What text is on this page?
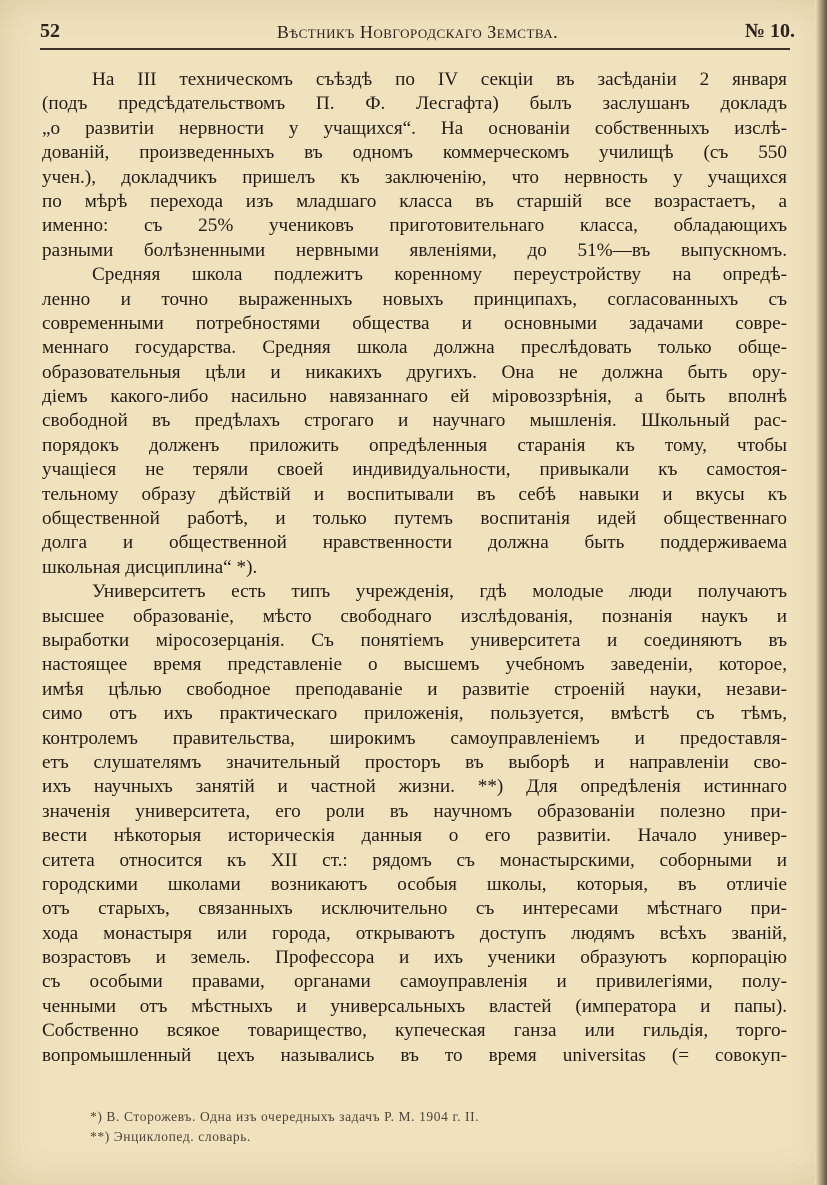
52	Вѣстникъ Новгородскаго Земства.	№ 10.
На III техническомъ съѣздѣ по IV секціи въ засѣданіи 2 января
(подъ предсѣдательствомъ П. Ф. Лесгафта) былъ заслушанъ докладъ
„о развитіи нервности у учащихся“. На основаніи собственныхъ изслѣ-
дованій, произведенныхъ въ одномъ коммерческомъ училищѣ (съ 550
учен.), докладчикъ пришелъ къ заключенію, что нервность у учащихся
по мѣрѣ перехода изъ младшаго класса въ старшій все возрастаетъ, а
именно: съ 25% учениковъ приготовительнаго класса, обладающихъ
разными болѣзненными нервными явленіями, до 51%—въ выпускномъ.
Средняя школа подлежитъ коренному переустройству на опредѣ-
ленно и точно выраженныхъ новыхъ принципахъ, согласованныхъ съ
современными потребностями общества и основными задачами совре-
меннаго государства. Средняя школа должна преслѣдовать только обще-
образовательныя цѣли и никакихъ другихъ. Она не должна быть ору-
діемъ какого-либо насильно навязаннаго ей міровоззрѣнія, а быть вполнѣ
свободной въ предѣлахъ строгаго и научнаго мышленія. Школьный рас-
порядокъ долженъ приложить опредѣленныя старанія къ тому, чтобы
учащіеся не теряли своей индивидуальности, привыкали къ самостоя-
тельному образу дѣйствій и воспитывали въ себѣ навыки и вкусы къ
общественной работѣ, и только путемъ воспитанія идей общественнаго
долга и общественной нравственности должна быть поддерживаема
школьная дисциплина“ *).
Университетъ есть типъ учрежденія, гдѣ молодые люди получаютъ
высшее образованіе, мѣсто свободнаго изслѣдованія, познанія наукъ и
выработки міросозерцанія. Съ понятіемъ университета и соединяютъ въ
настоящее время представленіе о высшемъ учебномъ заведеніи, которое,
имѣя цѣлью свободное преподаваніе и развитіе строеній науки, незави-
симо отъ ихъ практическаго приложенія, пользуется, вмѣстѣ съ тѣмъ,
контролемъ правительства, широкимъ самоуправленіемъ и предоставля-
етъ слушателямъ значительный просторъ въ выборѣ и направленіи сво-
ихъ научныхъ занятій и частной жизни. **) Для опредѣленія истиннаго
значенія университета, его роли въ научномъ образованіи полезно при-
вести нѣкоторыя историческія данныя о его развитіи. Начало универ-
ситета относится къ XII ст.: рядомъ съ монастырскими, соборными и
городскими школами возникаютъ особыя школы, которыя, въ отличіе
отъ старыхъ, связанныхъ исключительно съ интересами мѣстнаго при-
хода монастыря или города, открываютъ доступъ людямъ всѣхъ званій,
возрастовъ и земель. Профессора и ихъ ученики образуютъ корпорацію
съ особыми правами, органами самоуправленія и привилегіями, полу-
ченными отъ мѣстныхъ и универсальныхъ властей (императора и папы).
Собственно всякое товарищество, купеческая ганза или гильдія, торго-
вопромышленный цехъ назывались въ то время universitas (= совокуп-
*) В. Сторожевъ. Одна изъ очередныхъ задачъ Р. М. 1904 г. II.
**) Энциклопед. словарь.
